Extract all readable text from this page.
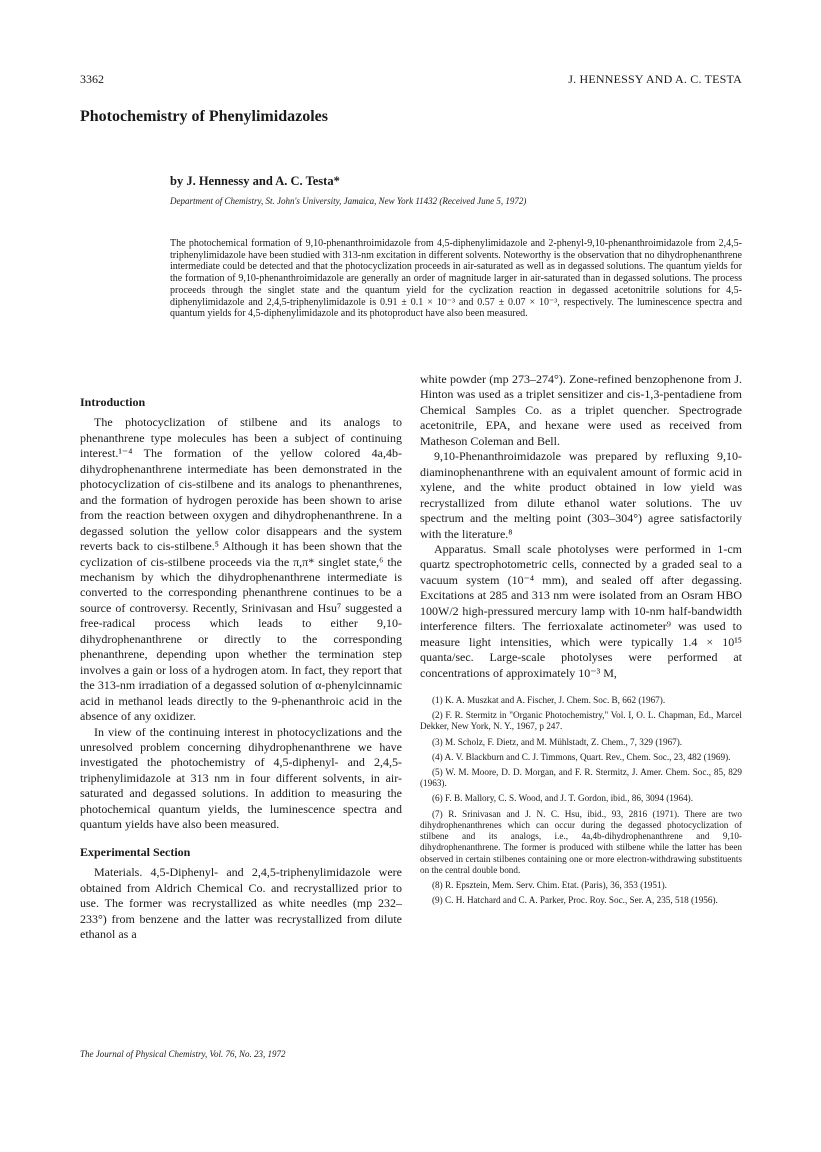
3362	J. HENNESSY AND A. C. TESTA
Photochemistry of Phenylimidazoles
by J. Hennessy and A. C. Testa*
Department of Chemistry, St. John's University, Jamaica, New York 11432 (Received June 5, 1972)
The photochemical formation of 9,10-phenanthroimidazole from 4,5-diphenylimidazole and 2-phenyl-9,10-phenanthroimidazole from 2,4,5-triphenylimidazole have been studied with 313-nm excitation in different solvents. Noteworthy is the observation that no dihydrophenanthrene intermediate could be detected and that the photocyclization proceeds in air-saturated as well as in degassed solutions. The quantum yields for the formation of 9,10-phenanthroimidazole are generally an order of magnitude larger in air-saturated than in degassed solutions. The process proceeds through the singlet state and the quantum yield for the cyclization reaction in degassed acetonitrile solutions for 4,5-diphenylimidazole and 2,4,5-triphenylimidazole is 0.91 ± 0.1 × 10⁻³ and 0.57 ± 0.07 × 10⁻³, respectively. The luminescence spectra and quantum yields for 4,5-diphenylimidazole and its photoproduct have also been measured.
Introduction

The photocyclization of stilbene and its analogs to phenanthrene type molecules has been a subject of continuing interest.¹⁻⁴ The formation of the yellow colored 4a,4b-dihydrophenanthrene intermediate has been demonstrated in the photocyclization of cis-stilbene and its analogs to phenanthrenes, and the formation of hydrogen peroxide has been shown to arise from the reaction between oxygen and dihydrophenanthrene. In a degassed solution the yellow color disappears and the system reverts back to cis-stilbene.⁵ Although it has been shown that the cyclization of cis-stilbene proceeds via the π,π* singlet state,⁶ the mechanism by which the dihydrophenanthrene intermediate is converted to the corresponding phenanthrene continues to be a source of controversy. Recently, Srinivasan and Hsu⁷ suggested a free-radical process which leads to either 9,10-dihydrophenanthrene or directly to the corresponding phenanthrene, depending upon whether the termination step involves a gain or loss of a hydrogen atom. In fact, they report that the 313-nm irradiation of a degassed solution of α-phenylcinnamic acid in methanol leads directly to the 9-phenanthroic acid in the absence of any oxidizer.

In view of the continuing interest in photocyclizations and the unresolved problem concerning dihydrophenanthrene we have investigated the photochemistry of 4,5-diphenyl- and 2,4,5-triphenylimidazole at 313 nm in four different solvents, in air-saturated and degassed solutions. In addition to measuring the photochemical quantum yields, the luminescence spectra and quantum yields have also been measured.

Experimental Section

Materials. 4,5-Diphenyl- and 2,4,5-triphenylimidazole were obtained from Aldrich Chemical Co. and recrystallized prior to use. The former was recrystallized as white needles (mp 232–233°) from benzene and the latter was recrystallized from dilute ethanol as a

white powder (mp 273–274°). Zone-refined benzophenone from J. Hinton was used as a triplet sensitizer and cis-1,3-pentadiene from Chemical Samples Co. as a triplet quencher. Spectrograde acetonitrile, EPA, and hexane were used as received from Matheson Coleman and Bell.

9,10-Phenanthroimidazole was prepared by refluxing 9,10-diaminophenanthrene with an equivalent amount of formic acid in xylene, and the white product obtained in low yield was recrystallized from dilute ethanol water solutions. The uv spectrum and the melting point (303–304°) agree satisfactorily with the literature.⁸

Apparatus. Small scale photolyses were performed in 1-cm quartz spectrophotometric cells, connected by a graded seal to a vacuum system (10⁻⁴ mm), and sealed off after degassing. Excitations at 285 and 313 nm were isolated from an Osram HBO 100W/2 high-pressured mercury lamp with 10-nm half-bandwidth interference filters. The ferrioxalate actinometer⁹ was used to measure light intensities, which were typically 1.4 × 10¹⁵ quanta/sec. Large-scale photolyses were performed at concentrations of approximately 10⁻³ M,

(1) K. A. Muszkat and A. Fischer, J. Chem. Soc. B, 662 (1967).

(2) F. R. Stermitz in "Organic Photochemistry," Vol. I, O. L. Chapman, Ed., Marcel Dekker, New York, N. Y., 1967, p 247.

(3) M. Scholz, F. Dietz, and M. Mühlstadt, Z. Chem., 7, 329 (1967).

(4) A. V. Blackburn and C. J. Timmons, Quart. Rev., Chem. Soc., 23, 482 (1969).

(5) W. M. Moore, D. D. Morgan, and F. R. Stermitz, J. Amer. Chem. Soc., 85, 829 (1963).

(6) F. B. Mallory, C. S. Wood, and J. T. Gordon, ibid., 86, 3094 (1964).

(7) R. Srinivasan and J. N. C. Hsu, ibid., 93, 2816 (1971). There are two dihydrophenanthrenes which can occur during the degassed photocyclization of stilbene and its analogs, i.e., 4a,4b-dihydrophenanthrene and 9,10-dihydrophenanthrene. The former is produced with stilbene while the latter has been observed in certain stilbenes containing one or more electron-withdrawing substituents on the central double bond.

(8) R. Epsztein, Mem. Serv. Chim. Etat. (Paris), 36, 353 (1951).

(9) C. H. Hatchard and C. A. Parker, Proc. Roy. Soc., Ser. A, 235, 518 (1956).

The Journal of Physical Chemistry, Vol. 76, No. 23, 1972
